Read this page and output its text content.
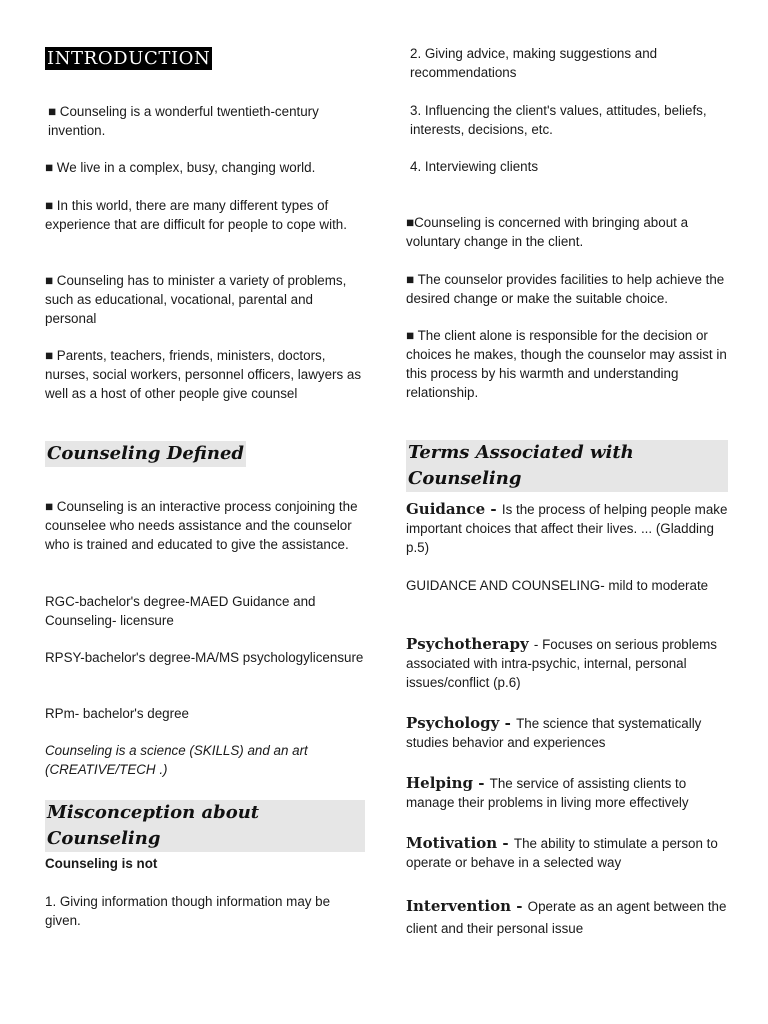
INTRODUCTION

■ Counseling is a wonderful twentieth-century invention.

■ We live in a complex, busy, changing world.

■ In this world, there are many different types of experience that are difficult for people to cope with.

■ Counseling has to minister a variety of problems, such as educational, vocational, parental and personal

■ Parents, teachers, friends, ministers, doctors, nurses, social workers, personnel officers, lawyers as well as a host of other people give counsel

Counseling Defined

■ Counseling is an interactive process conjoining the counselee who needs assistance and the counselor who is trained and educated to give the assistance.

RGC-bachelor's degree-MAED Guidance and Counseling- licensure

RPSY-bachelor's degree-MA/MS psychologylicensure

RPm- bachelor's degree

Counseling is a science (SKILLS) and an art (CREATIVE/TECH .)

Misconception about Counseling

Counseling is not

1. Giving information though information may be given.

2. Giving advice, making suggestions and recommendations

3. Influencing the client's values, attitudes, beliefs, interests, decisions, etc.

4. Interviewing clients

■Counseling is concerned with bringing about a voluntary change in the client.

■ The counselor provides facilities to help achieve the desired change or make the suitable choice.

■ The client alone is responsible for the decision or choices he makes, though the counselor may assist in this process by his warmth and understanding relationship.

Terms Associated with Counseling

Guidance - Is the process of helping people make important choices that affect their lives. ... (Gladding p.5)

GUIDANCE AND COUNSELING- mild to moderate

Psychotherapy - Focuses on serious problems associated with intra-psychic, internal, personal issues/conflict (p.6)

Psychology - The science that systematically studies behavior and experiences

Helping - The service of assisting clients to manage their problems in living more effectively

Motivation - The ability to stimulate a person to operate or behave in a selected way

Intervention - Operate as an agent between the client and their personal issue
